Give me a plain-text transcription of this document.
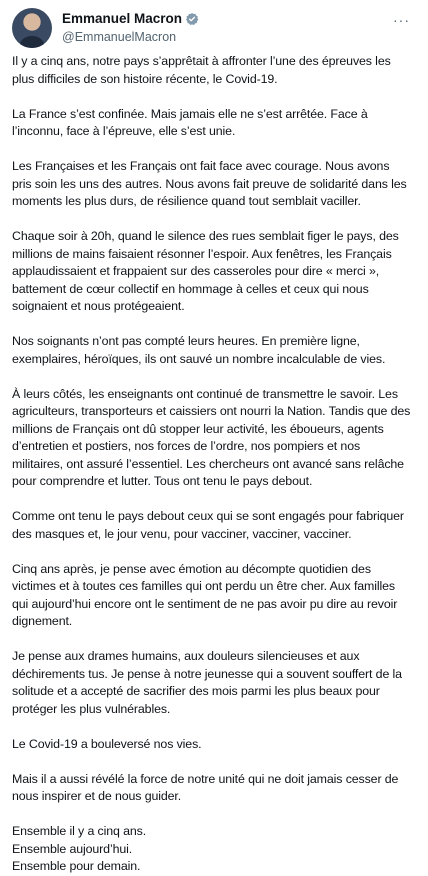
Emmanuel Macron
@EmmanuelMacron
···

Il y a cinq ans, notre pays s’apprêtait à affronter l’une des épreuves les plus difficiles de son histoire récente, le Covid-19.

La France s’est confinée. Mais jamais elle ne s’est arrêtée. Face à l’inconnu, face à l’épreuve, elle s’est unie.

Les Françaises et les Français ont fait face avec courage. Nous avons pris soin les uns des autres. Nous avons fait preuve de solidarité dans les moments les plus durs, de résilience quand tout semblait vaciller.

Chaque soir à 20h, quand le silence des rues semblait figer le pays, des millions de mains faisaient résonner l’espoir. Aux fenêtres, les Français applaudissaient et frappaient sur des casseroles pour dire « merci », battement de cœur collectif en hommage à celles et ceux qui nous soignaient et nous protégeaient.

Nos soignants n’ont pas compté leurs heures. En première ligne, exemplaires, héroïques, ils ont sauvé un nombre incalculable de vies.

À leurs côtés, les enseignants ont continué de transmettre le savoir. Les agriculteurs, transporteurs et caissiers ont nourri la Nation. Tandis que des millions de Français ont dû stopper leur activité, les éboueurs, agents d’entretien et postiers, nos forces de l’ordre, nos pompiers et nos militaires, ont assuré l’essentiel. Les chercheurs ont avancé sans relâche pour comprendre et lutter. Tous ont tenu le pays debout.

Comme ont tenu le pays debout ceux qui se sont engagés pour fabriquer des masques et, le jour venu, pour vacciner, vacciner, vacciner.

Cinq ans après, je pense avec émotion au décompte quotidien des victimes et à toutes ces familles qui ont perdu un être cher. Aux familles qui aujourd’hui encore ont le sentiment de ne pas avoir pu dire au revoir dignement.

Je pense aux drames humains, aux douleurs silencieuses et aux déchirements tus. Je pense à notre jeunesse qui a souvent souffert de la solitude et a accepté de sacrifier des mois parmi les plus beaux pour protéger les plus vulnérables.

Le Covid-19 a bouleversé nos vies.

Mais il a aussi révélé la force de notre unité qui ne doit jamais cesser de nous inspirer et de nous guider.

Ensemble il y a cinq ans.
Ensemble aujourd’hui.
Ensemble pour demain.
